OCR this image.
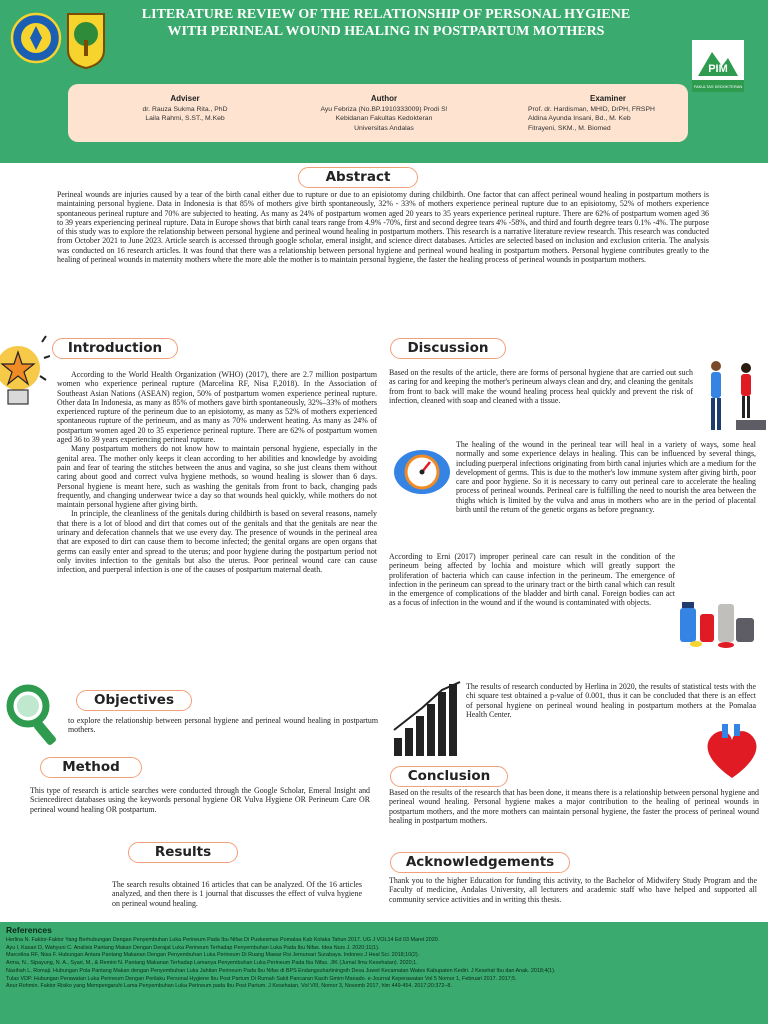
LITERATURE REVIEW OF THE RELATIONSHIP OF PERSONAL HYGIENE
WITH PERINEAL WOUND HEALING IN POSTPARTUM MOTHERS
PIM
FAKULTAS KEDOKTERAN
Adviser
dr. Rauza Sukma Rita., PhD
Laila Rahmi, S.ST., M.Keb
Author
Ayu Febriza (No.BP.1910333009) Prodi S!
Kebidanan Fakultas Kedokteran
Universitas Andalas
Examiner
Prof. dr. Hardisman, MHID, DrPH, FRSPH
Aldina Ayunda Insani, Bd., M. Keb
Fitrayeni, SKM., M. Biomed
Abstract

Perineal wounds are injuries caused by a tear of the birth canal either due to rupture or due to an episiotomy during childbirth. One factor that can affect perineal wound healing in postpartum mothers is maintaining personal hygiene. Data in Indonesia is that 85% of mothers give birth spontaneously, 32% - 33% of mothers experience perineal rupture due to an episiotomy, 52% of mothers experience spontaneous perineal rupture and 70% are subjected to heating. As many as 24% of postpartum women aged 20 years to 35 years experience perineal rupture. There are 62% of postpartum women aged 36 to 39 years experiencing perineal rupture. Data in Europe shows that birth canal tears range from 4.9% -70%, first and second degree tears 4% -58%, and third and fourth degree tears 0.1% -4%. The purpose of this study was to explore the relationship between personal hygiene and perineal wound healing in postpartum mothers. This research is a narrative literature review research. This research was conducted from October 2021 to June 2023. Article search is accessed through google scholar, emeral insight, and science direct databases. Articles are selected based on inclusion and exclusion criteria. The analysis was conducted on 16 research articles. It was found that there was a relationship between personal hygiene and perineal wound healing in postpartum mothers. Personal hygiene contributes greatly to the healing of perineal wounds in maternity mothers where the more able the mother is to maintain personal hygiene, the faster the healing process of perineal wounds in postpartum mothers.

Introduction

According to the World Health Organization (WHO) (2017), there are 2.7 million postpartum women who experience perineal rupture (Marcelina RF, Nisa F,2018). In the Association of Southeast Asian Nations (ASEAN) region, 50% of postpartum women experience perineal rupture. Other data In Indonesia, as many as 85% of mothers gave birth spontaneously, 32%–33% of mothers experienced rupture of the perineum due to an episiotomy, as many as 52% of mothers experienced spontaneous rupture of the perineum, and as many as 70% underwent heating. As many as 24% of postpartum women aged 20 to 35 experience perineal rupture. There are 62% of postpartum women aged 36 to 39 years experiencing perineal rupture.

Many postpartum mothers do not know how to maintain personal hygiene, especially in the genital area. The mother only keeps it clean according to her abilities and knowledge by avoiding pain and fear of tearing the stitches between the anus and vagina, so she just cleans them without caring about good and correct vulva hygiene methods, so wound healing is slower than 6 days. Personal hygiene is meant here, such as washing the genitals from front to back, changing pads frequently, and changing underwear twice a day so that wounds heal quickly, while mothers do not maintain personal hygiene after giving birth.

In principle, the cleanliness of the genitals during childbirth is based on several reasons, namely that there is a lot of blood and dirt that comes out of the genitals and that the genitals are near the urinary and defecation channels that we use every day. The presence of wounds in the perineal area that are exposed to dirt can cause them to become infected; the genital organs are open organs that germs can easily enter and spread to the uterus; and poor hygiene during the postpartum period not only invites infection to the genitals but also the uterus. Poor perineal wound care can cause infection, and puerperal infection is one of the causes of postpartum maternal death.

Objectives

to explore the relationship between personal hygiene and perineal wound healing in postpartum mothers.

Method

This type of research is article searches were conducted through the Google Scholar, Emeral Insight and Sciencedirect databases using the keywords personal hygiene OR Vulva Hygiene OR Perineum Care OR perineal wound healing OR postpartum.

Results

The search results obtained 16 articles that can be analyzed. Of the 16 articles analyzed, and then there is 1 journal that discusses the effect of vulva hygiene on perineal wound healing.

Discussion

Based on the results of the article, there are forms of personal hygiene that are carried out such as caring for and keeping the mother's perineum always clean and dry, and cleaning the genitals from front to back will make the wound healing process heal quickly and prevent the risk of infection, cleaned with soap and cleaned with a tissue.

The healing of the wound in the perineal tear will heal in a variety of ways, some heal normally and some experience delays in healing. This can be influenced by several things, including puerperal infections originating from birth canal injuries which are a medium for the development of germs. This is due to the mother's low immune system after giving birth, poor care and poor hygiene. So it is necessary to carry out perineal care to accelerate the healing process of perineal wounds. Perineal care is fulfilling the need to nourish the area between the thighs which is limited by the vulva and anus in mothers who are in the period of placental birth until the return of the genetic organs as before pregnancy.

According to Erni (2017) improper perineal care can result in the condition of the perineum being affected by lochia and moisture which will greatly support the proliferation of bacteria which can cause infection in the perineum. The emergence of infection in the perineum can spread to the urinary tract or the birth canal which can result in the emergence of complications of the bladder and birth canal. Foreign bodies can act as a focus of infection in the wound and if the wound is contaminated with objects.

The results of research conducted by Herlina in 2020, the results of statistical tests with the chi square test obtained a p-value of 0.001, thus it can be concluded that there is an effect of personal hygiene on perineal wound healing in postpartum mothers at the Pomalaa Health Center.

Conclusion

Based on the results of the research that has been done, it means there is a relationship between personal hygiene and perineal wound healing. Personal hygiene makes a major contribution to the healing of perineal wounds in postpartum mothers, and the more mothers can maintain personal hygiene, the faster the process of perineal wound healing in postpartum mothers.

Acknowledgements

Thank you to the higher Education for funding this activity, to the Bachelor of Midwifery Study Program and the Faculty of medicine, Andalas University, all lecturers and academic staff who have helped and supported all community service activities and in writing this thesis.

References
Herlina N. Faktor-Faktor Yang Berhubungan Dengan Penyembuhan Luka Perineum Pada Ibu Nifas Di Puskesmas Pomalaa Kab Kolaka Tahun 2017. UG J VOL14 Ed 03 Maret 2020.
Ayu I, Kasari D, Wahyuni C. Analisis Pantang Makan Dengan Derajat Luka Perineum Terhadap Penyembuhan Luka Pada Ibu Nifas. Idea Nurs J. 2020;11(1).
Marcelina RF, Nisa F. Hubungan Antara Pantang Makanan Dengan Penyembuhan Luka Perineum Di Ruang Mawar Rsi Jemursari Surabaya. Indones J Heal Sci. 2018;10(2).
Arma, N., Sipayung, N. A., Syari, M., & Remini N. Pantang Makanan Terhadap Lamanya Penyembuhan Luka Perineum Pada Ibu Nifas. JIK (Jurnal Ilmu Kesehatan). 2020;1.
Nasihah L, Romaji. Hubungan Pola Pantang Makan dengan Penyembuhan Luka Jahitan Perineum Pada Ibu Nifas di BPS Endangsuhartiningsih Desa Juwet Kecamatan Wates Kabupaten Kediri. J Kesehat Ibu dan Anak. 2018;4(1).
Tulas VDP. Hubungan Perawatan Luka Perineum Dengan Perilaku Personal Hygiene Ibu Post Partum Di Rumah Sakit Pancaran Kasih Gmim Manado. e-Journal Keperawatan Vol 5 Nomor 1, Februari 2017. 2017;5.
Anur Rohmin. Faktor Risiko yang Mempengaruhi Lama Penyembuhan Luka Perineum pada Ibu Post Partum. J Kesehatan, Vol VIII, Nomor 3, Novemb 2017, hlm 449-454. 2017;20:372–8.
